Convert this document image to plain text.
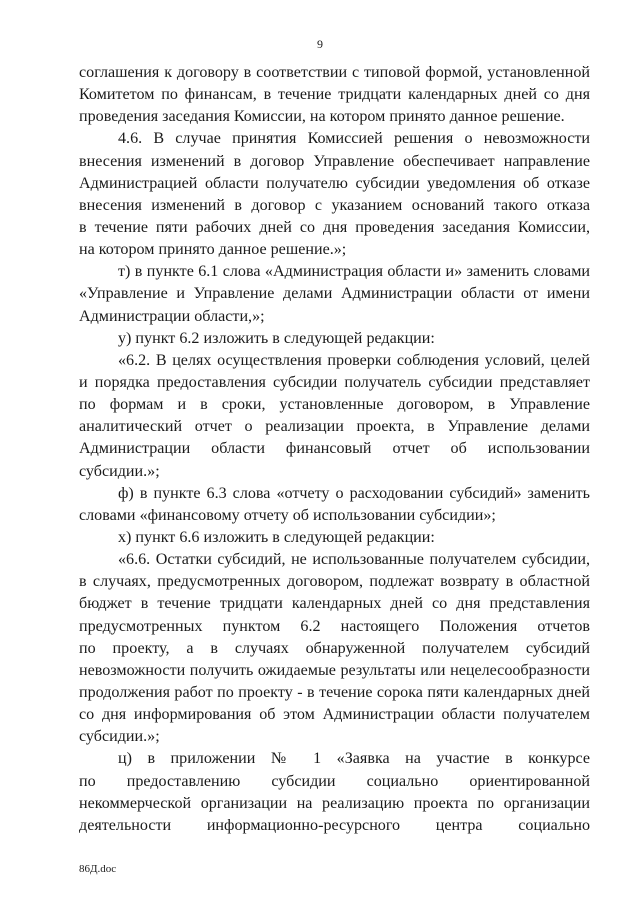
9
соглашения к договору в соответствии с типовой формой, установленной
Комитетом по финансам, в течение тридцати календарных дней со дня
проведения заседания Комиссии, на котором принято данное решение.
4.6. В случае принятия Комиссией решения о невозможности
внесения изменений в договор Управление обеспечивает направление
Администрацией области получателю субсидии уведомления об отказе
внесения изменений в договор с указанием оснований такого отказа
в течение пяти рабочих дней со дня проведения заседания Комиссии,
на котором принято данное решение.»;
т) в пункте 6.1 слова «Администрация области и» заменить словами
«Управление и Управление делами Администрации области от имени
Администрации области,»;
у) пункт 6.2 изложить в следующей редакции:
«6.2. В целях осуществления проверки соблюдения условий, целей
и порядка предоставления субсидии получатель субсидии представляет
по формам и в сроки, установленные договором, в Управление
аналитический отчет о реализации проекта, в Управление делами
Администрации области финансовый отчет об использовании
субсидии.»;
ф) в пункте 6.3 слова «отчету о расходовании субсидий» заменить
словами «финансовому отчету об использовании субсидии»;
х) пункт 6.6 изложить в следующей редакции:
«6.6. Остатки субсидий, не использованные получателем субсидии,
в случаях, предусмотренных договором, подлежат возврату в областной
бюджет в течение тридцати календарных дней со дня представления
предусмотренных пунктом 6.2 настоящего Положения отчетов
по проекту, а в случаях обнаруженной получателем субсидий
невозможности получить ожидаемые результаты или нецелесообразности
продолжения работ по проекту - в течение сорока пяти календарных дней
со дня информирования об этом Администрации области получателем
субсидии.»;
ц) в приложении № 1 «Заявка на участие в конкурсе
по предоставлению субсидии социально ориентированной
некоммерческой организации на реализацию проекта по организации
деятельности информационно-ресурсного центра социально
86Д.doc
